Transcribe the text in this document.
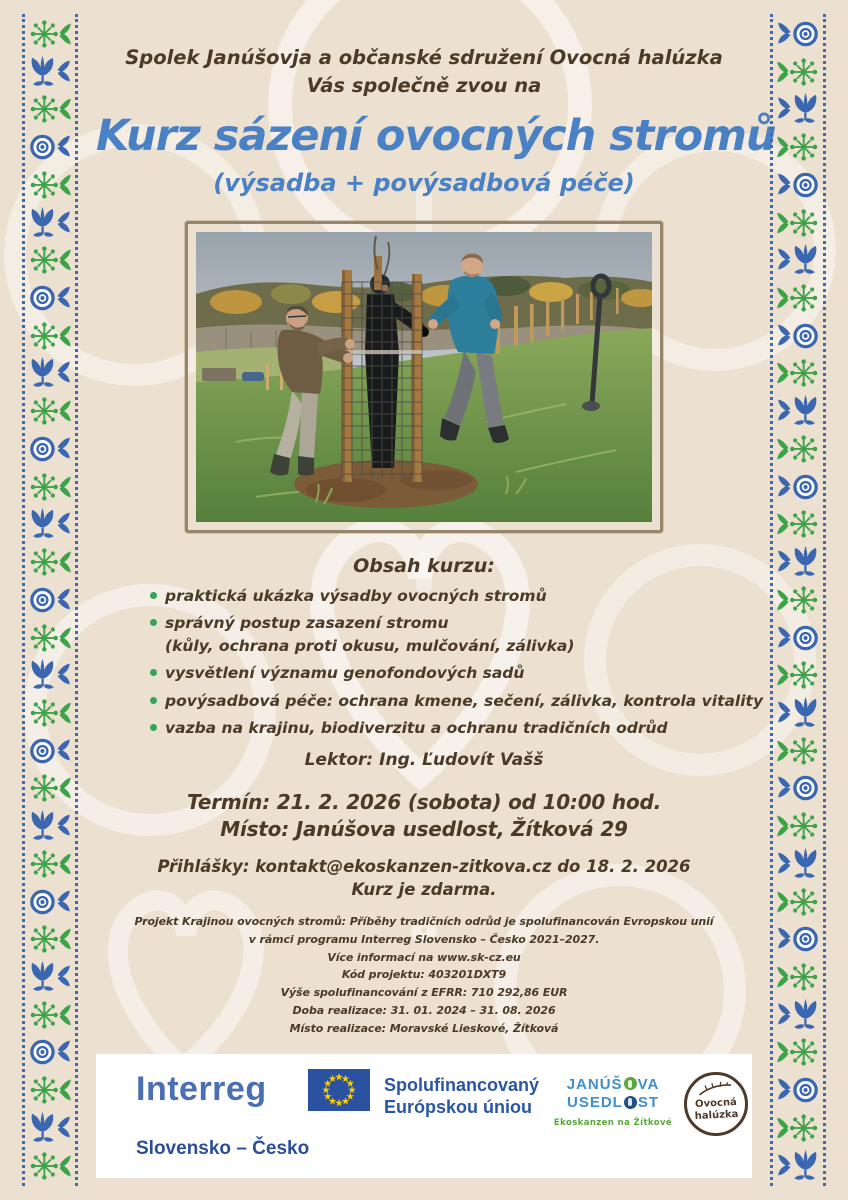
Spolek Janúšovja a občanské sdružení Ovocná halúzka
Vás společně zvou na
Kurz sázení ovocných stromů
(výsadba + povýsadbová péče)
Obsah kurzu:
praktická ukázka výsadby ovocných stromů
správný postup zasazení stromu
(kůly, ochrana proti okusu, mulčování, zálivka)
vysvětlení významu genofondových sadů
povýsadbová péče: ochrana kmene, sečení, zálivka, kontrola vitality
vazba na krajinu, biodiverzitu a ochranu tradičních odrůd
Lektor: Ing. Ľudovít Vašš
Termín: 21. 2. 2026 (sobota) od 10:00 hod.
Místo: Janúšova usedlost, Žítková 29
Přihlášky: kontakt@ekoskanzen-zitkova.cz do 18. 2. 2026
Kurz je zdarma.
Projekt Krajinou ovocných stromů: Příběhy tradičních odrůd je spolufinancován Evropskou unií
v rámci programu Interreg Slovensko – Česko 2021–2027.
Více informací na www.sk-cz.eu
Kód projektu: 403201DXT9
Výše spolufinancování z EFRR: 710 292,86 EUR
Doba realizace: 31. 01. 2024 – 31. 08. 2026
Místo realizace: Moravské Lieskové, Žítková
Interreg
Slovensko – Česko
Spolufinancovaný
Európskou úniou
JANÚŠ VA
USEDL ST
Ekoskanzen na Žítkové
Ovocná
halúzka
